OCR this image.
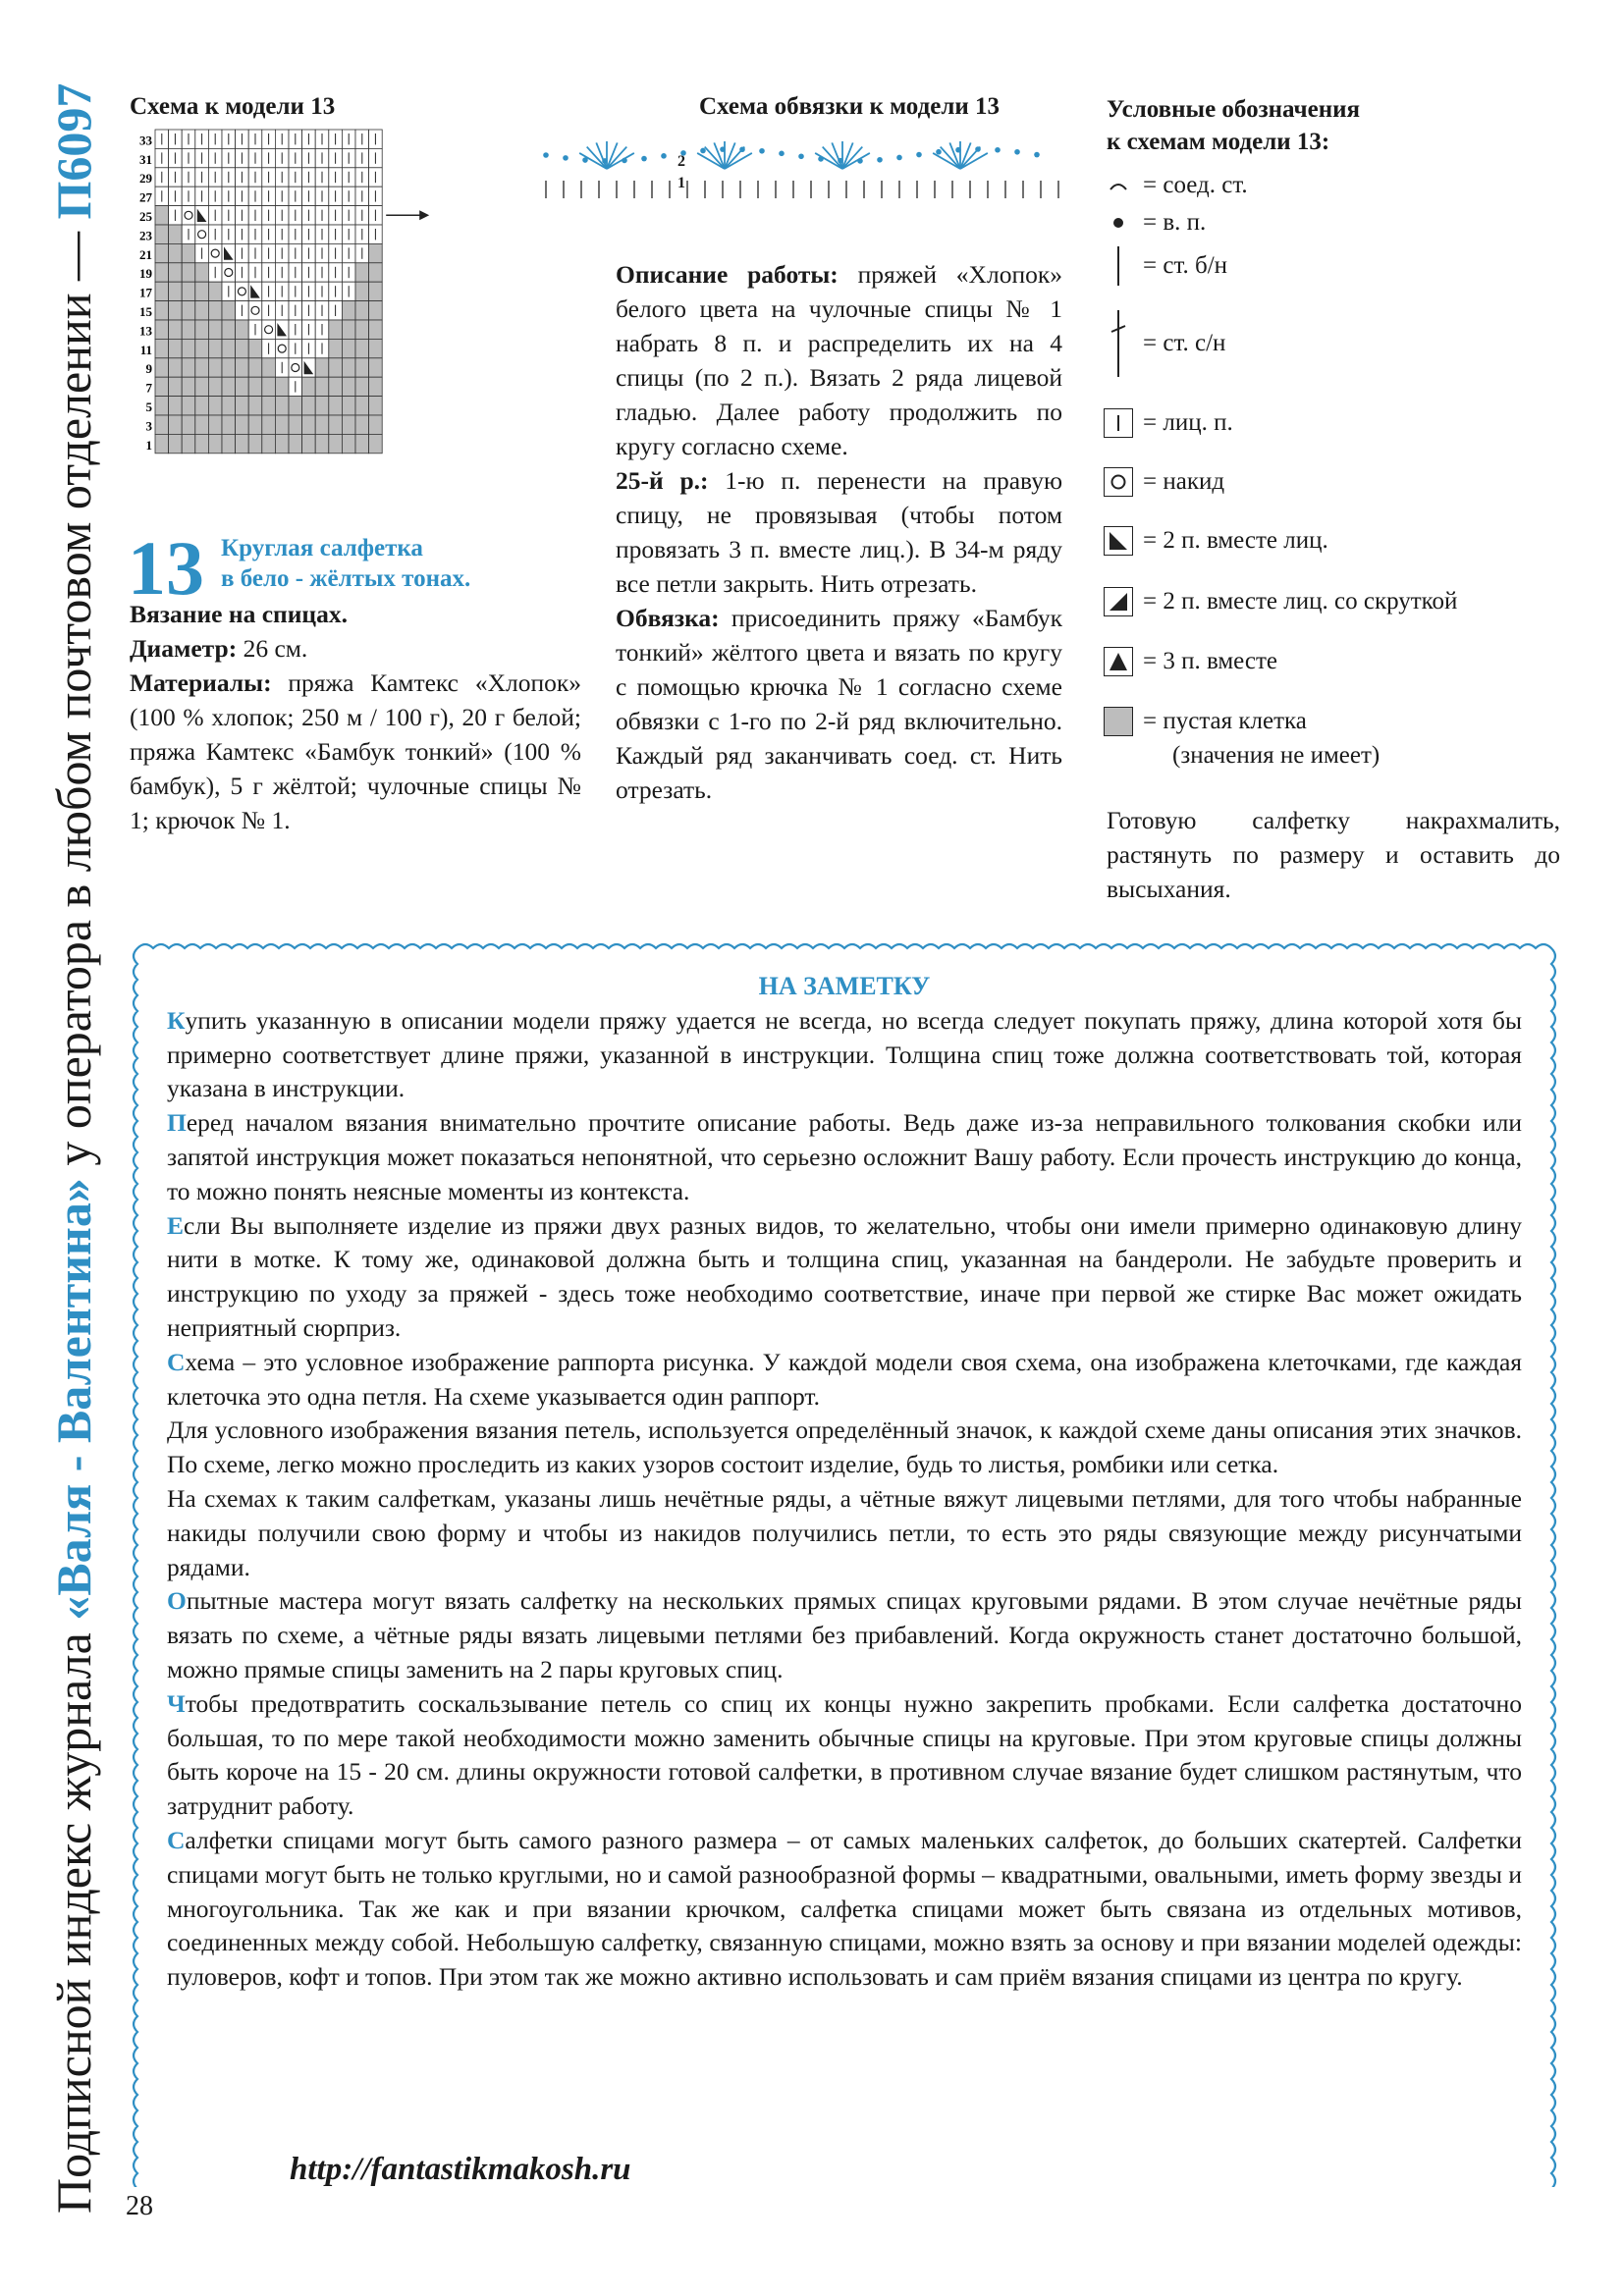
Подписной индекс журнала «Валя - Валентина» у оператора в любом почтовом отделении — П6097 Схема к модели 13
33
31
29
27
25
23
21
19
17
15
13
11
9
7
5
3
1
Схема обвязки к модели 13
2
1
Условные обозначения
к схемам модели 13:
= соед. ст.
= в. п.
= ст. б/н
= ст. с/н
= лиц. п.
= накид
= 2 п. вместе лиц.
= 2 п. вместе лиц. со скруткой
= 3 п. вместе
= пустая клетка
(значения не имеет)
Готовую салфетку накрахмалить, растянуть по размеру и оставить до высыхания.
13 Круглая салфетка
в бело - жёлтых тонах.

Вязание на спицах.

Диаметр: 26 см.

Материалы: пряжа Камтекс «Хлопок» (100 % хлопок; 250 м / 100 г), 20 г белой; пряжа Камтекс «Бамбук тонкий» (100 % бамбук), 5 г жёлтой; чулочные спицы № 1; крючок № 1.

Описание работы: пряжей «Хлопок» белого цвета на чулочные спицы № 1 набрать 8 п. и распределить их на 4 спицы (по 2 п.). Вязать 2 ряда лицевой гладью. Далее работу продолжить по кругу согласно схеме.

25-й р.: 1-ю п. перенести на правую спицу, не провязывая (чтобы потом провязать 3 п. вместе лиц.). В 34-м ряду все петли закрыть. Нить отрезать.

Обвязка: присоединить пряжу «Бамбук тонкий» жёлтого цвета и вязать по кругу с помощью крючка № 1 согласно схеме обвязки с 1-го по 2-й ряд включительно. Каждый ряд заканчивать соед. ст. Нить отрезать.

НА ЗАМЕТКУ

Купить указанную в описании модели пряжу удается не всегда, но всегда следует покупать пряжу, длина которой хотя бы примерно соответствует длине пряжи, указанной в инструкции. Толщина спиц тоже должна соответствовать той, которая указана в инструкции.

Перед началом вязания внимательно прочтите описание работы. Ведь даже из-за неправильного толкования скобки или запятой инструкция может показаться непонятной, что серьезно осложнит Вашу работу. Если прочесть инструкцию до конца, то можно понять неясные моменты из контекста.

Если Вы выполняете изделие из пряжи двух разных видов, то желательно, чтобы они имели примерно одинаковую длину нити в мотке. К тому же, одинаковой должна быть и толщина спиц, указанная на бандероли. Не забудьте проверить и инструкцию по уходу за пряжей - здесь тоже необходимо соответствие, иначе при первой же стирке Вас может ожидать неприятный сюрприз.

Схема – это условное изображение раппорта рисунка. У каждой модели своя схема, она изображена клеточками, где каждая клеточка это одна петля. На схеме указывается один раппорт.

Для условного изображения вязания петель, используется определённый значок, к каждой схеме даны описания этих значков. По схеме, легко можно проследить из каких узоров состоит изделие, будь то листья, ромбики или сетка.

На схемах к таким салфеткам, указаны лишь нечётные ряды, а чётные вяжут лицевыми петлями, для того чтобы набранные накиды получили свою форму и чтобы из накидов получились петли, то есть это ряды связующие между рисунчатыми рядами.

Опытные мастера могут вязать салфетку на нескольких прямых спицах круговыми рядами. В этом случае нечётные ряды вязать по схеме, а чётные ряды вязать лицевыми петлями без прибавлений. Когда окружность станет достаточно большой, можно прямые спицы заменить на 2 пары круговых спиц.

Чтобы предотвратить соскальзывание петель со спиц их концы нужно закрепить пробками. Если салфетка достаточно большая, то по мере такой необходимости можно заменить обычные спицы на круговые. При этом круговые спицы должны быть короче на 15 - 20 см. длины окружности готовой салфетки, в противном случае вязание будет слишком растянутым, что затруднит работу.

Салфетки спицами могут быть самого разного размера – от самых маленьких салфеток, до больших скатертей. Салфетки спицами могут быть не только круглыми, но и самой разнообразной формы – квадратными, овальными, иметь форму звезды и многоугольника. Так же как и при вязании крючком, салфетка спицами может быть связана из отдельных мотивов, соединенных между собой. Небольшую салфетку, связанную спицами, можно взять за основу и при вязании моделей одежды: пуловеров, кофт и топов. При этом так же можно активно использовать и сам приём вязания спицами из центра по кругу.

http://fantastikmakosh.ru
28
